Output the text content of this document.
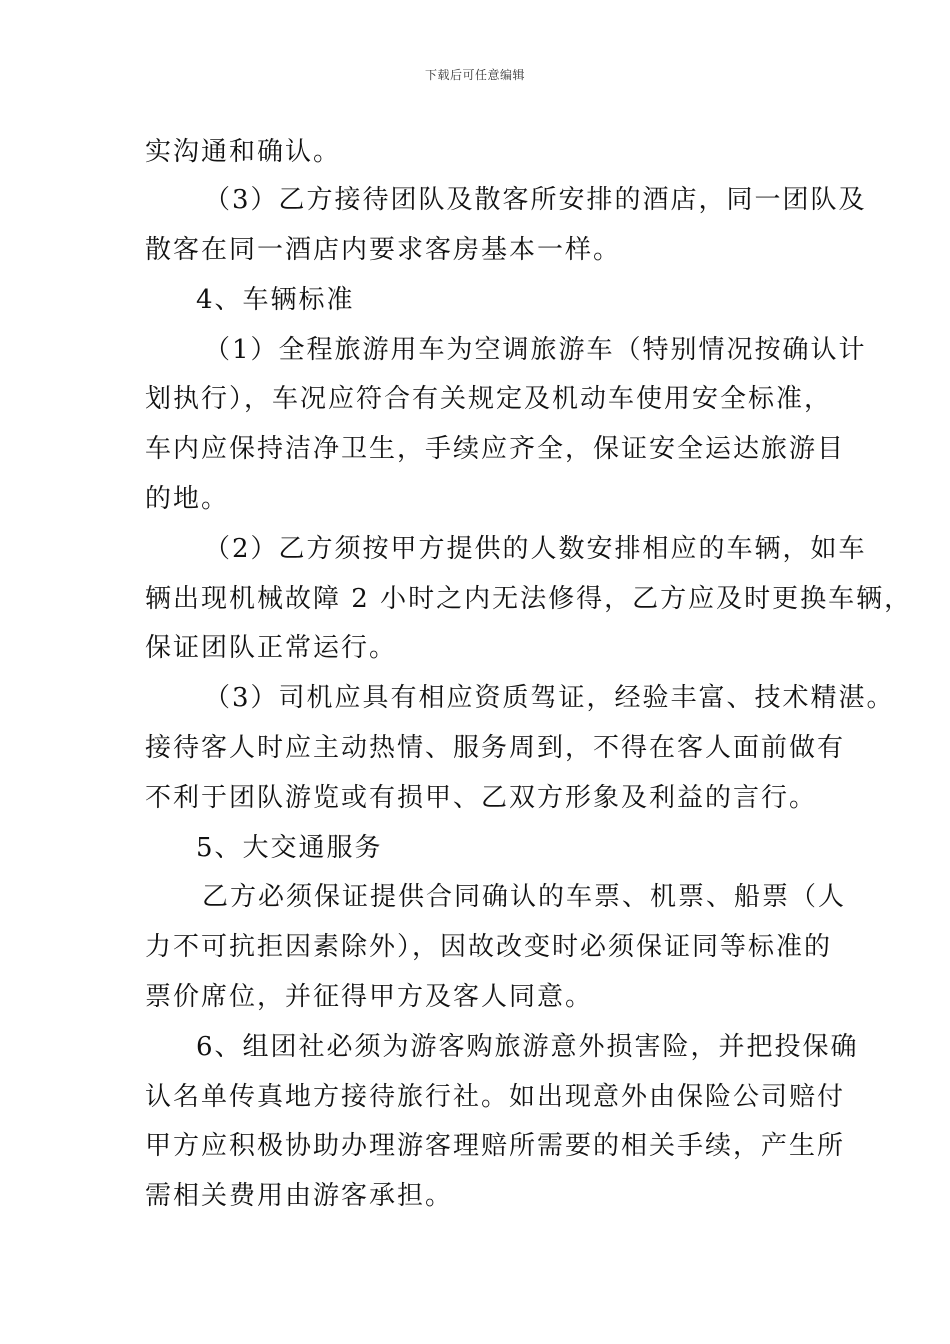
下载后可任意编辑
实沟通和确认。
（3）乙方接待团队及散客所安排的酒店，同一团队及
散客在同一酒店内要求客房基本一样。
4、车辆标准
（1）全程旅游用车为空调旅游车（特别情况按确认计
划执行），车况应符合有关规定及机动车使用安全标准，
车内应保持洁净卫生，手续应齐全，保证安全运达旅游目
的地。
（2）乙方须按甲方提供的人数安排相应的车辆，如车
辆出现机械故障 2 小时之内无法修得，乙方应及时更换车辆，
保证团队正常运行。
（3）司机应具有相应资质驾证，经验丰富、技术精湛。
接待客人时应主动热情、服务周到，不得在客人面前做有
不利于团队游览或有损甲、乙双方形象及利益的言行。
5、大交通服务
乙方必须保证提供合同确认的车票、机票、船票（人
力不可抗拒因素除外），因故改变时必须保证同等标准的
票价席位，并征得甲方及客人同意。
6、组团社必须为游客购旅游意外损害险，并把投保确
认名单传真地方接待旅行社。如出现意外由保险公司赔付
甲方应积极协助办理游客理赔所需要的相关手续，产生所
需相关费用由游客承担。
